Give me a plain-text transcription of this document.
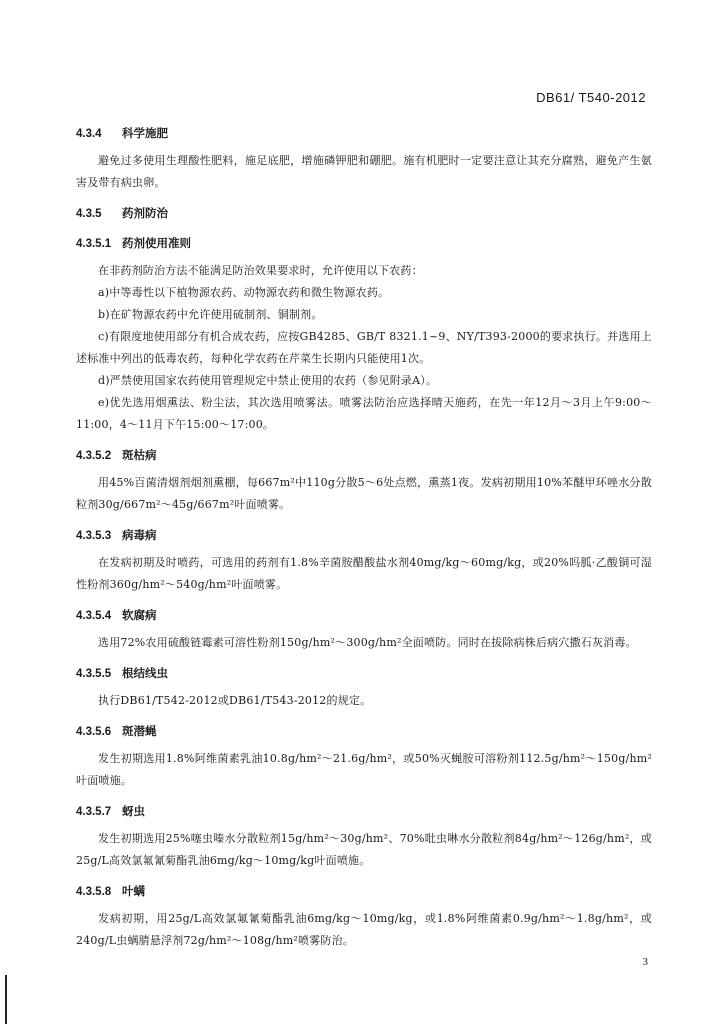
DB61/ T540-2012

4.3.4 科学施肥

避免过多使用生理酸性肥料，施足底肥，增施磷钾肥和硼肥。施有机肥时一定要注意让其充分腐熟，避免产生氨害及带有病虫卵。

4.3.5 药剂防治

4.3.5.1 药剂使用准则

在非药剂防治方法不能满足防治效果要求时，允许使用以下农药：

a)中等毒性以下植物源农药、动物源农药和微生物源农药。

b)在矿物源农药中允许使用硫制剂、铜制剂。

c)有限度地使用部分有机合成农药，应按GB4285、GB/T 8321.1~9、NY/T393-2000的要求执行。并选用上述标准中列出的低毒农药，每种化学农药在芹菜生长期内只能使用1次。

d)严禁使用国家农药使用管理规定中禁止使用的农药（参见附录A）。

e)优先选用烟熏法、粉尘法，其次选用喷雾法。喷雾法防治应选择晴天施药，在先一年12月～3月上午9:00～11:00，4～11月下午15:00～17:00。

4.3.5.2 斑枯病

用45%百菌清烟剂烟剂熏棚，每667m²中110g分散5～6处点燃，熏蒸1夜。发病初期用10%苯醚甲环唑水分散粒剂30g/667m²～45g/667m²叶面喷雾。

4.3.5.3 病毒病

在发病初期及时喷药，可选用的药剂有1.8%辛菌胺醋酸盐水剂40mg/kg～60mg/kg，或20%吗胍·乙酸铜可湿性粉剂360g/hm²～540g/hm²叶面喷雾。

4.3.5.4 软腐病

选用72%农用硫酸链霉素可溶性粉剂150g/hm²～300g/hm²全面喷防。同时在拔除病株后病穴撒石灰消毒。

4.3.5.5 根结线虫

执行DB61/T542-2012或DB61/T543-2012的规定。

4.3.5.6 斑潜蝇

发生初期选用1.8%阿维菌素乳油10.8g/hm²～21.6g/hm²，或50%灭蝇胺可溶粉剂112.5g/hm²～150g/hm²叶面喷施。

4.3.5.7 蚜虫

发生初期选用25%噻虫嗪水分散粒剂15g/hm²～30g/hm²、70%吡虫啉水分散粒剂84g/hm²～126g/hm²，或25g/L高效氯氟氰菊酯乳油6mg/kg～10mg/kg叶面喷施。

4.3.5.8 叶螨

发病初期，用25g/L高效氯氟氰菊酯乳油6mg/kg～10mg/kg，或1.8%阿维菌素0.9g/hm²～1.8g/hm²，或240g/L虫螨腈悬浮剂72g/hm²～108g/hm²喷雾防治。

3
